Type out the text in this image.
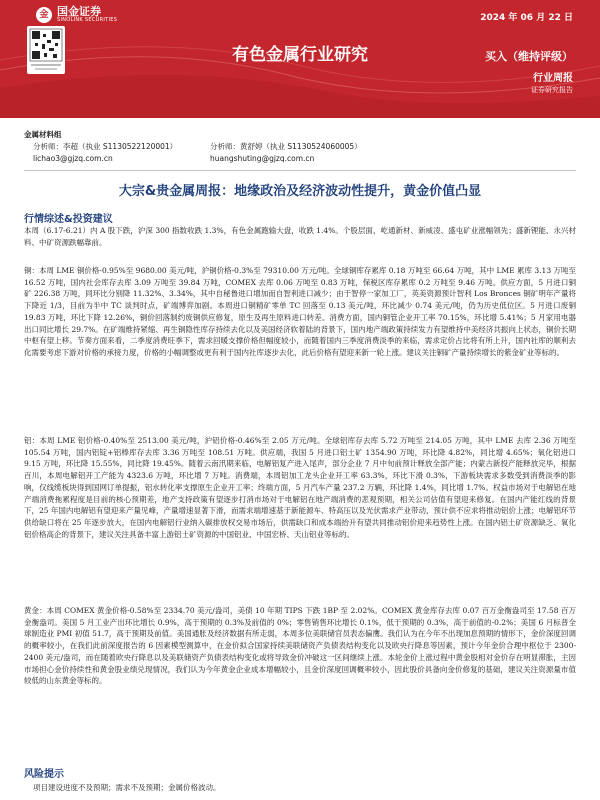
金 国金证券
SINOLINK SECURITIES	2024 年 06 月 22 日
有色金属行业研究	买入（维持评级）
行业周报
证券研究报告
金属材料组
分析师：李超（执业 S1130522120001）
lichao3@gjzq.com.cn
分析师：黄舒婷（执业 S1130524060005）
huangshuting@gjzq.com.cn
大宗&贵金属周报：地缘政治及经济波动性提升，黄金价值凸显
行情综述&投资建议
本周（6.17-6.21）内 A 股下跌，沪深 300 指数收跌 1.3%，有色金属跑输大盘，收跌 1.4%。个股层面，屹通新材、新威凌、盛屯矿业涨幅领先；盛新锂能、永兴材料、中矿资源跌幅靠前。
铜：本周 LME 铜价格-0.95%至 9680.00 美元/吨，沪铜价格-0.3%至 79310.00 万元/吨。全球铜库存累库 0.18 万吨至 66.64 万吨，其中 LME 累库 3.13 万吨至 16.52 万吨，国内社会库存去库 3.09 万吨至 39.84 万吨，COMEX 去库 0.06 万吨至 0.83 万吨，保税区库存累库 0.2 万吨至 9.46 万吨。供应方面，5 月进口铜矿 226.38 万吨，同环比分别降 11.32%、3.34%，其中自秘鲁进口增加而自智利进口减少；由于智停一家加工厂，英美资源预计智利 Los Bronces 铜矿明年产量将下降近 1/3，目前为半中 TC 谈判时点，矿端博弈加剧。本周进口铜精矿零单 TC 回落至 0.13 美元/吨，环比减少 0.74 美元/吨，仍为历史低位区。5 月进口废铜 19.83 万吨，环比下降 12.26%，铜价回落制约废铜供应修复，原生及再生原料进口转差。消费方面，国内铜管企业开工率 70.15%，环比增 5.41%；5 月家用电器出口同比增长 29.7%。在矿端维持紧缩、再生铜隐性库存持续去化以及美国经济软着陆的背景下，国内地产端政策持续发力有望维持中美经济共振向上状态，铜价长期中枢有望上移。节奏方面来看，二季度消费旺季下，需求回暖支撑价格但幅度较小，而随着国内三季度消费淡季的来临，需求定价占比将有所上升，国内社库的顺利去化需要考虑下游对价格的承接力度，价格的小幅调整或更有利于国内社库逐步去化，此后价格有望迎来新一轮上涨。建议关注铜矿产量持续增长的紫金矿业等标的。
铝：本周 LME 铝价格-0.40%至 2513.00 美元/吨，沪铝价格-0.46%至 2.05 万元/吨。全球铝库存去库 5.72 万吨至 214.05 万吨，其中 LME 去库 2.36 万吨至 105.54 万吨，国内铝锭+铝棒库存去库 3.36 万吨至 108.51 万吨。供应端，我国 5 月进口铝土矿 1354.90 万吨，环比降 4.82%，同比增 4.65%；氧化铝进口 9.15 万吨，环比降 15.55%，同比降 19.45%。随着云南汛期来临，电解铝复产进入尾声，部分企业 7 月中旬前预计释放全部产能；内蒙古新投产能释放完毕，根据百川，本周电解铝开工产能为 4323.6 万吨，环比增 7 万吨。消费端，本周铝加工龙头企业开工率 63.3%，环比下滑 0.3%，下游板块需求多数受到消费淡季的影响，仅线缆板块得到国网订单提振，铝水转化率支撑原生企业开工率；终端方面，5 月汽车产量 237.2 万辆，环比降 1.4%，同比增 1.7%。权益市场对于电解铝在地产端消费拖累程度是目前的核心预期差，地产支持政策有望逐步打消市场对于电解铝在地产端消费的悲观预期，相关公司估值有望迎来修复。在国内产能红线的背景下，25 年国内电解铝有望迎来产量见峰，产量增速显著下滑，而需求端增速基于新能源车、特高压以及光伏需求产业带动，预计供不应求将推动铝价上涨；电解铝环节供给缺口将在 25 年逐步放大，在国内电解铝行业纳入碳排放权交易市场后，供需缺口和成本端抬升有望共同推动铝价迎来趋势性上涨。在国内铝土矿资源缺乏、氧化铝价格高企的背景下，建议关注具备丰富上游铝土矿资源的中国铝业、中国宏桥、天山铝业等标的。
黄金：本周 COMEX 黄金价格-0.58%至 2334.70 美元/盎司，美债 10 年期 TIPS 下跌 1BP 至 2.02%。COMEX 黄金库存去库 0.07 百万金衡盎司至 17.58 百万金衡盎司。美国 5 月工业产出环比增长 0.9%，高于预期的 0.3%及前值的 0%；零售销售环比增长 0.1%，低于预期的 0.3%，高于前值的-0.2%；美国 6 月标普全球制造业 PMI 初值 51.7，高于预期及前值。美国通胀及经济数据有所走弱，本周多位美联储官员表态偏鹰。我们认为在今年不出现加息预期的情形下，金价深度回调的概率较小，在我们此前深度报告的 6 因素模型测算中，在金价拟合国家持续美联储资产负债表结构变化以及欧央行降息等因素，预计今年金价合理中枢位于 2300-2400 美元/盎司，而在随着欧央行降息以及美联储资产负债表结构变化或将导致金价冲破这一区间继续上涨。本轮金价上涨过程中黄金股相对金价存在明显滞胀，主因市场担心金价持续性和黄金股业绩兑现情况，我们认为今年黄金企业成本增幅较小，且金价深度回调概率较小，因此股价具备向金价修复的基础，建议关注资源量市值较低的山东黄金等标的。
风险提示
项目建设进度不及预期；需求不及预期；金属价格波动。
